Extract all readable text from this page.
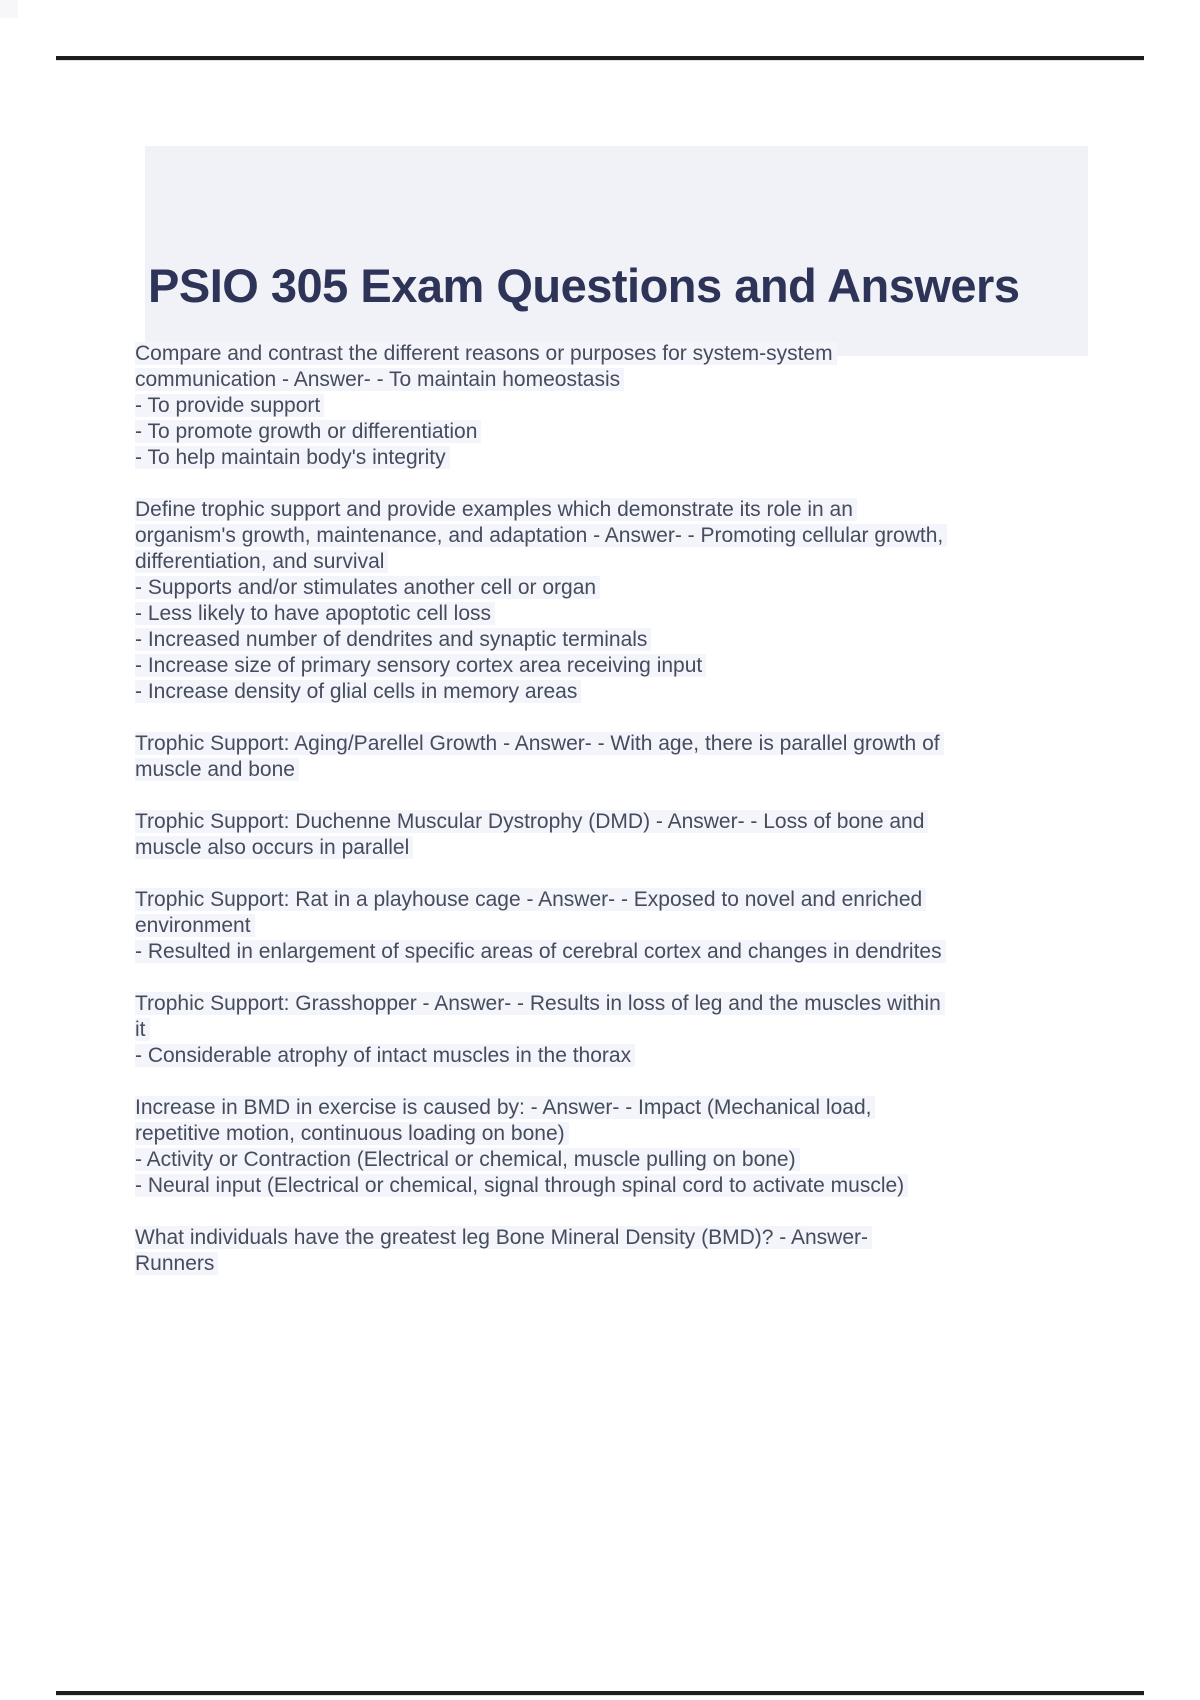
PSIO 305 Exam Questions and Answers
Compare and contrast the different reasons or purposes for system-system
communication - Answer- - To maintain homeostasis
- To provide support
- To promote growth or differentiation
- To help maintain body's integrity
Define trophic support and provide examples which demonstrate its role in an
organism's growth, maintenance, and adaptation - Answer- - Promoting cellular growth,
differentiation, and survival
- Supports and/or stimulates another cell or organ
- Less likely to have apoptotic cell loss
- Increased number of dendrites and synaptic terminals
- Increase size of primary sensory cortex area receiving input
- Increase density of glial cells in memory areas
Trophic Support: Aging/Parellel Growth - Answer- - With age, there is parallel growth of
muscle and bone
Trophic Support: Duchenne Muscular Dystrophy (DMD) - Answer- - Loss of bone and
muscle also occurs in parallel
Trophic Support: Rat in a playhouse cage - Answer- - Exposed to novel and enriched
environment
- Resulted in enlargement of specific areas of cerebral cortex and changes in dendrites
Trophic Support: Grasshopper - Answer- - Results in loss of leg and the muscles within
it
- Considerable atrophy of intact muscles in the thorax
Increase in BMD in exercise is caused by: - Answer- - Impact (Mechanical load,
repetitive motion, continuous loading on bone)
- Activity or Contraction (Electrical or chemical, muscle pulling on bone)
- Neural input (Electrical or chemical, signal through spinal cord to activate muscle)
What individuals have the greatest leg Bone Mineral Density (BMD)? - Answer-
Runners
